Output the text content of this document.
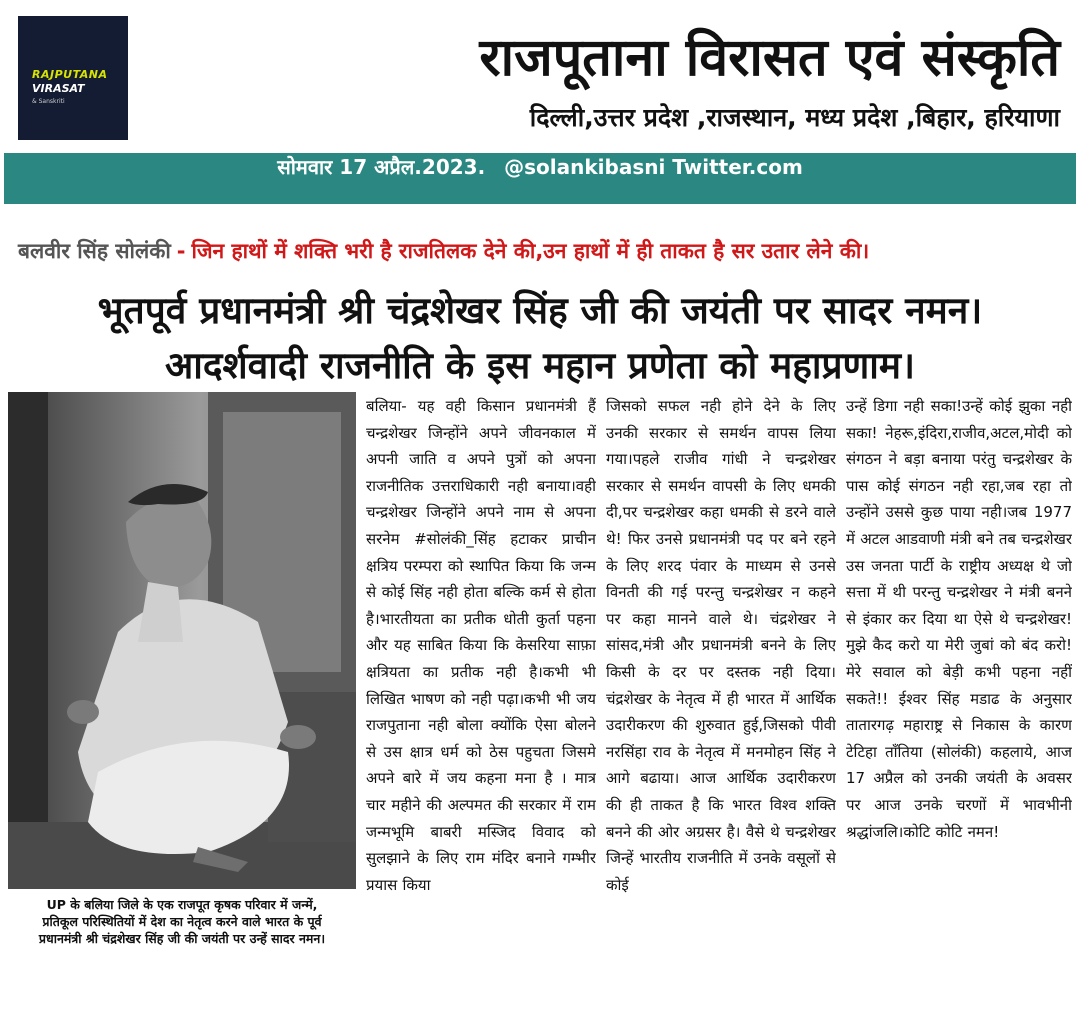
RAJPUTANA
VIRASAT
& Sanskriti
राजपूताना विरासत एवं संस्कृति
दिल्ली,उत्तर प्रदेश ,राजस्थान, मध्य प्रदेश ,बिहार, हरियाणा
सोमवार 17 अप्रैल.2023. @solankibasni Twitter.com
बलवीर सिंह सोलंकी - जिन हाथों में शक्ति भरी है राजतिलक देने की,उन हाथों में ही ताकत है सर उतार लेने की।
भूतपूर्व प्रधानमंत्री श्री चंद्रशेखर सिंह जी की जयंती पर सादर नमन।
आदर्शवादी राजनीति के इस महान प्रणेता को महाप्रणाम।
UP के बलिया जिले के एक राजपूत कृषक परिवार में जन्में,
प्रतिकूल परिस्थितियों में देश का नेतृत्व करने वाले भारत के पूर्व
प्रधानमंत्री श्री चंद्रशेखर सिंह जी की जयंती पर उन्हें सादर नमन।
बलिया- यह वही किसान प्रधानमंत्री हैं चन्द्रशेखर जिन्होंने अपने जीवनकाल में अपनी जाति व अपने पुत्रों को अपना राजनीतिक उत्तराधिकारी नही बनाया।वही चन्द्रशेखर जिन्होंने अपने नाम से अपना सरनेम #सोलंकी_सिंह हटाकर प्राचीन क्षत्रिय परम्परा को स्थापित किया कि जन्म से कोई सिंह नही होता बल्कि कर्म से होता है।भारतीयता का प्रतीक धोती कुर्ता पहना और यह साबित किया कि केसरिया साफ़ा क्षत्रियता का प्रतीक नही है।कभी भी लिखित भाषण को नही पढ़ा।कभी भी जय राजपुताना नही बोला क्योंकि ऐसा बोलने से उस क्षात्र धर्म को ठेस पहुचता जिसमे अपने बारे में जय कहना मना है । मात्र चार महीने की अल्पमत की सरकार में राम जन्मभूमि बाबरी मस्जिद विवाद को सुलझाने के लिए राम मंदिर बनाने गम्भीर प्रयास किया
जिसको सफल नही होने देने के लिए उनकी सरकार से समर्थन वापस लिया गया।पहले राजीव गांधी ने चन्द्रशेखर सरकार से समर्थन वापसी के लिए धमकी दी,पर चन्द्रशेखर कहा धमकी से डरने वाले थे! फिर उनसे प्रधानमंत्री पद पर बने रहने के लिए शरद पंवार के माध्यम से उनसे विनती की गई परन्तु चन्द्रशेखर न कहने पर कहा मानने वाले थे। चंद्रशेखर ने सांसद,मंत्री और प्रधानमंत्री बनने के लिए किसी के दर पर दस्तक नही दिया।चंद्रशेखर के नेतृत्व में ही भारत में आर्थिक उदारीकरण की शुरुवात हुई,जिसको पीवी नरसिंहा राव के नेतृत्व में मनमोहन सिंह ने आगे बढाया। आज आर्थिक उदारीकरण की ही ताकत है कि भारत विश्व शक्ति बनने की ओर अग्रसर है। वैसे थे चन्द्रशेखर जिन्हें भारतीय राजनीति में उनके वसूलों से कोई
उन्हें डिगा नही सका!उन्हें कोई झुका नही सका! नेहरू,इंदिरा,राजीव,अटल,मोदी को संगठन ने बड़ा बनाया परंतु चन्द्रशेखर के पास कोई संगठन नही रहा,जब रहा तो उन्होंने उससे कुछ पाया नही।जब 1977 में अटल आडवाणी मंत्री बने तब चन्द्रशेखर उस जनता पार्टी के राष्ट्रीय अध्यक्ष थे जो सत्ता में थी परन्तु चन्द्रशेखर ने मंत्री बनने से इंकार कर दिया था ऐसे थे चन्द्रशेखर! मुझे कैद करो या मेरी जुबां को बंद करो!मेरे सवाल को बेड़ी कभी पहना नहीं सकते!! ईश्वर सिंह मडाढ के अनुसार तातारगढ़ महाराष्ट्र से निकास के कारण टेटिहा ताँतिया (सोलंकी) कहलाये, आज 17 अप्रैल को उनकी जयंती के अवसर पर आज उनके चरणों में भावभीनी श्रद्धांजलि।कोटि कोटि नमन!
